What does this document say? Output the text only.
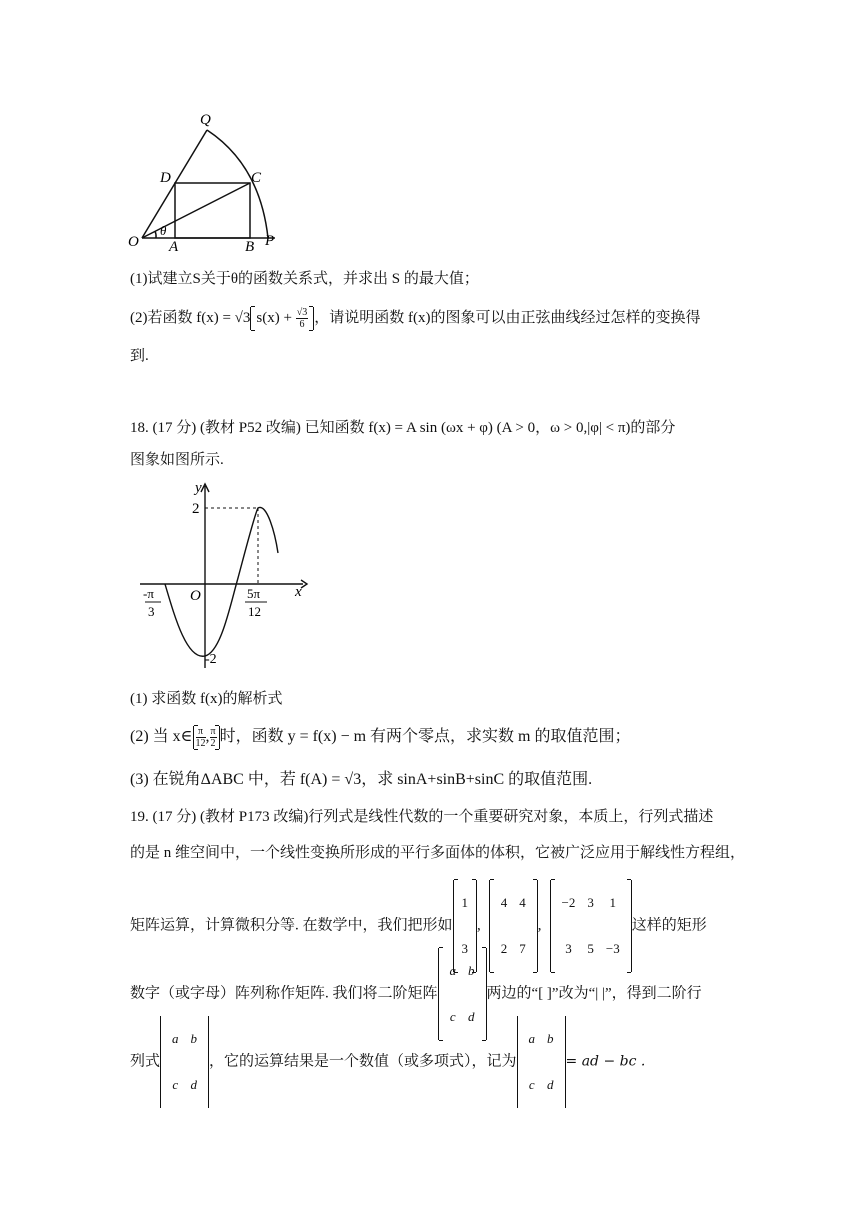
Q
D	C
O
θ
A	B P
(1)试建立S关于θ的函数关系式，并求出 S 的最大值；
(2)若函数 f(x) = √3 $s(x) + \frac{√3}{6}$ ，请说明函数 f(x)的图象可以由正弦曲线经过怎样的变换得
到.
18. (17 分) (教材 P52 改编) 已知函数 f(x) = A sin (ωx + φ) (A > 0，ω > 0,|φ| < π)的部分
图象如图所示.
y
x
2
-2
O
-π
3
5π
12
(1) 求函数 f(x)的解析式
(2) 当 x∈ $\frac{\pi}{12}$ , $\frac{\pi}{2}$ 时，函数 y = f(x) − m 有两个零点，求实数 m 的取值范围；
(3) 在锐角ΔABC 中，若 f(A) = √3，求 sinA+sinB+sinC 的取值范围.
19. (17 分) (教材 P173 改编)行列式是线性代数的一个重要研究对象，本质上，行列式描述
的是 n 维空间中，一个线性变换所形成的平行多面体的体积，它被广泛应用于解线性方程组，
矩阵运算，计算微积分等. 在数学中，我们把形如
1
3
,
4	4
2	7
,
−2	3	1
3	5	−3
这样的矩形
数字（或字母）阵列称作矩阵. 我们将二阶矩阵
a	b
c	d
两边的“[ ]”改为“| |”，得到二阶行
列式
a	b
c	d
，它的运算结果是一个数值（或多项式），记为
a	b
c	d
= ad − bc .
